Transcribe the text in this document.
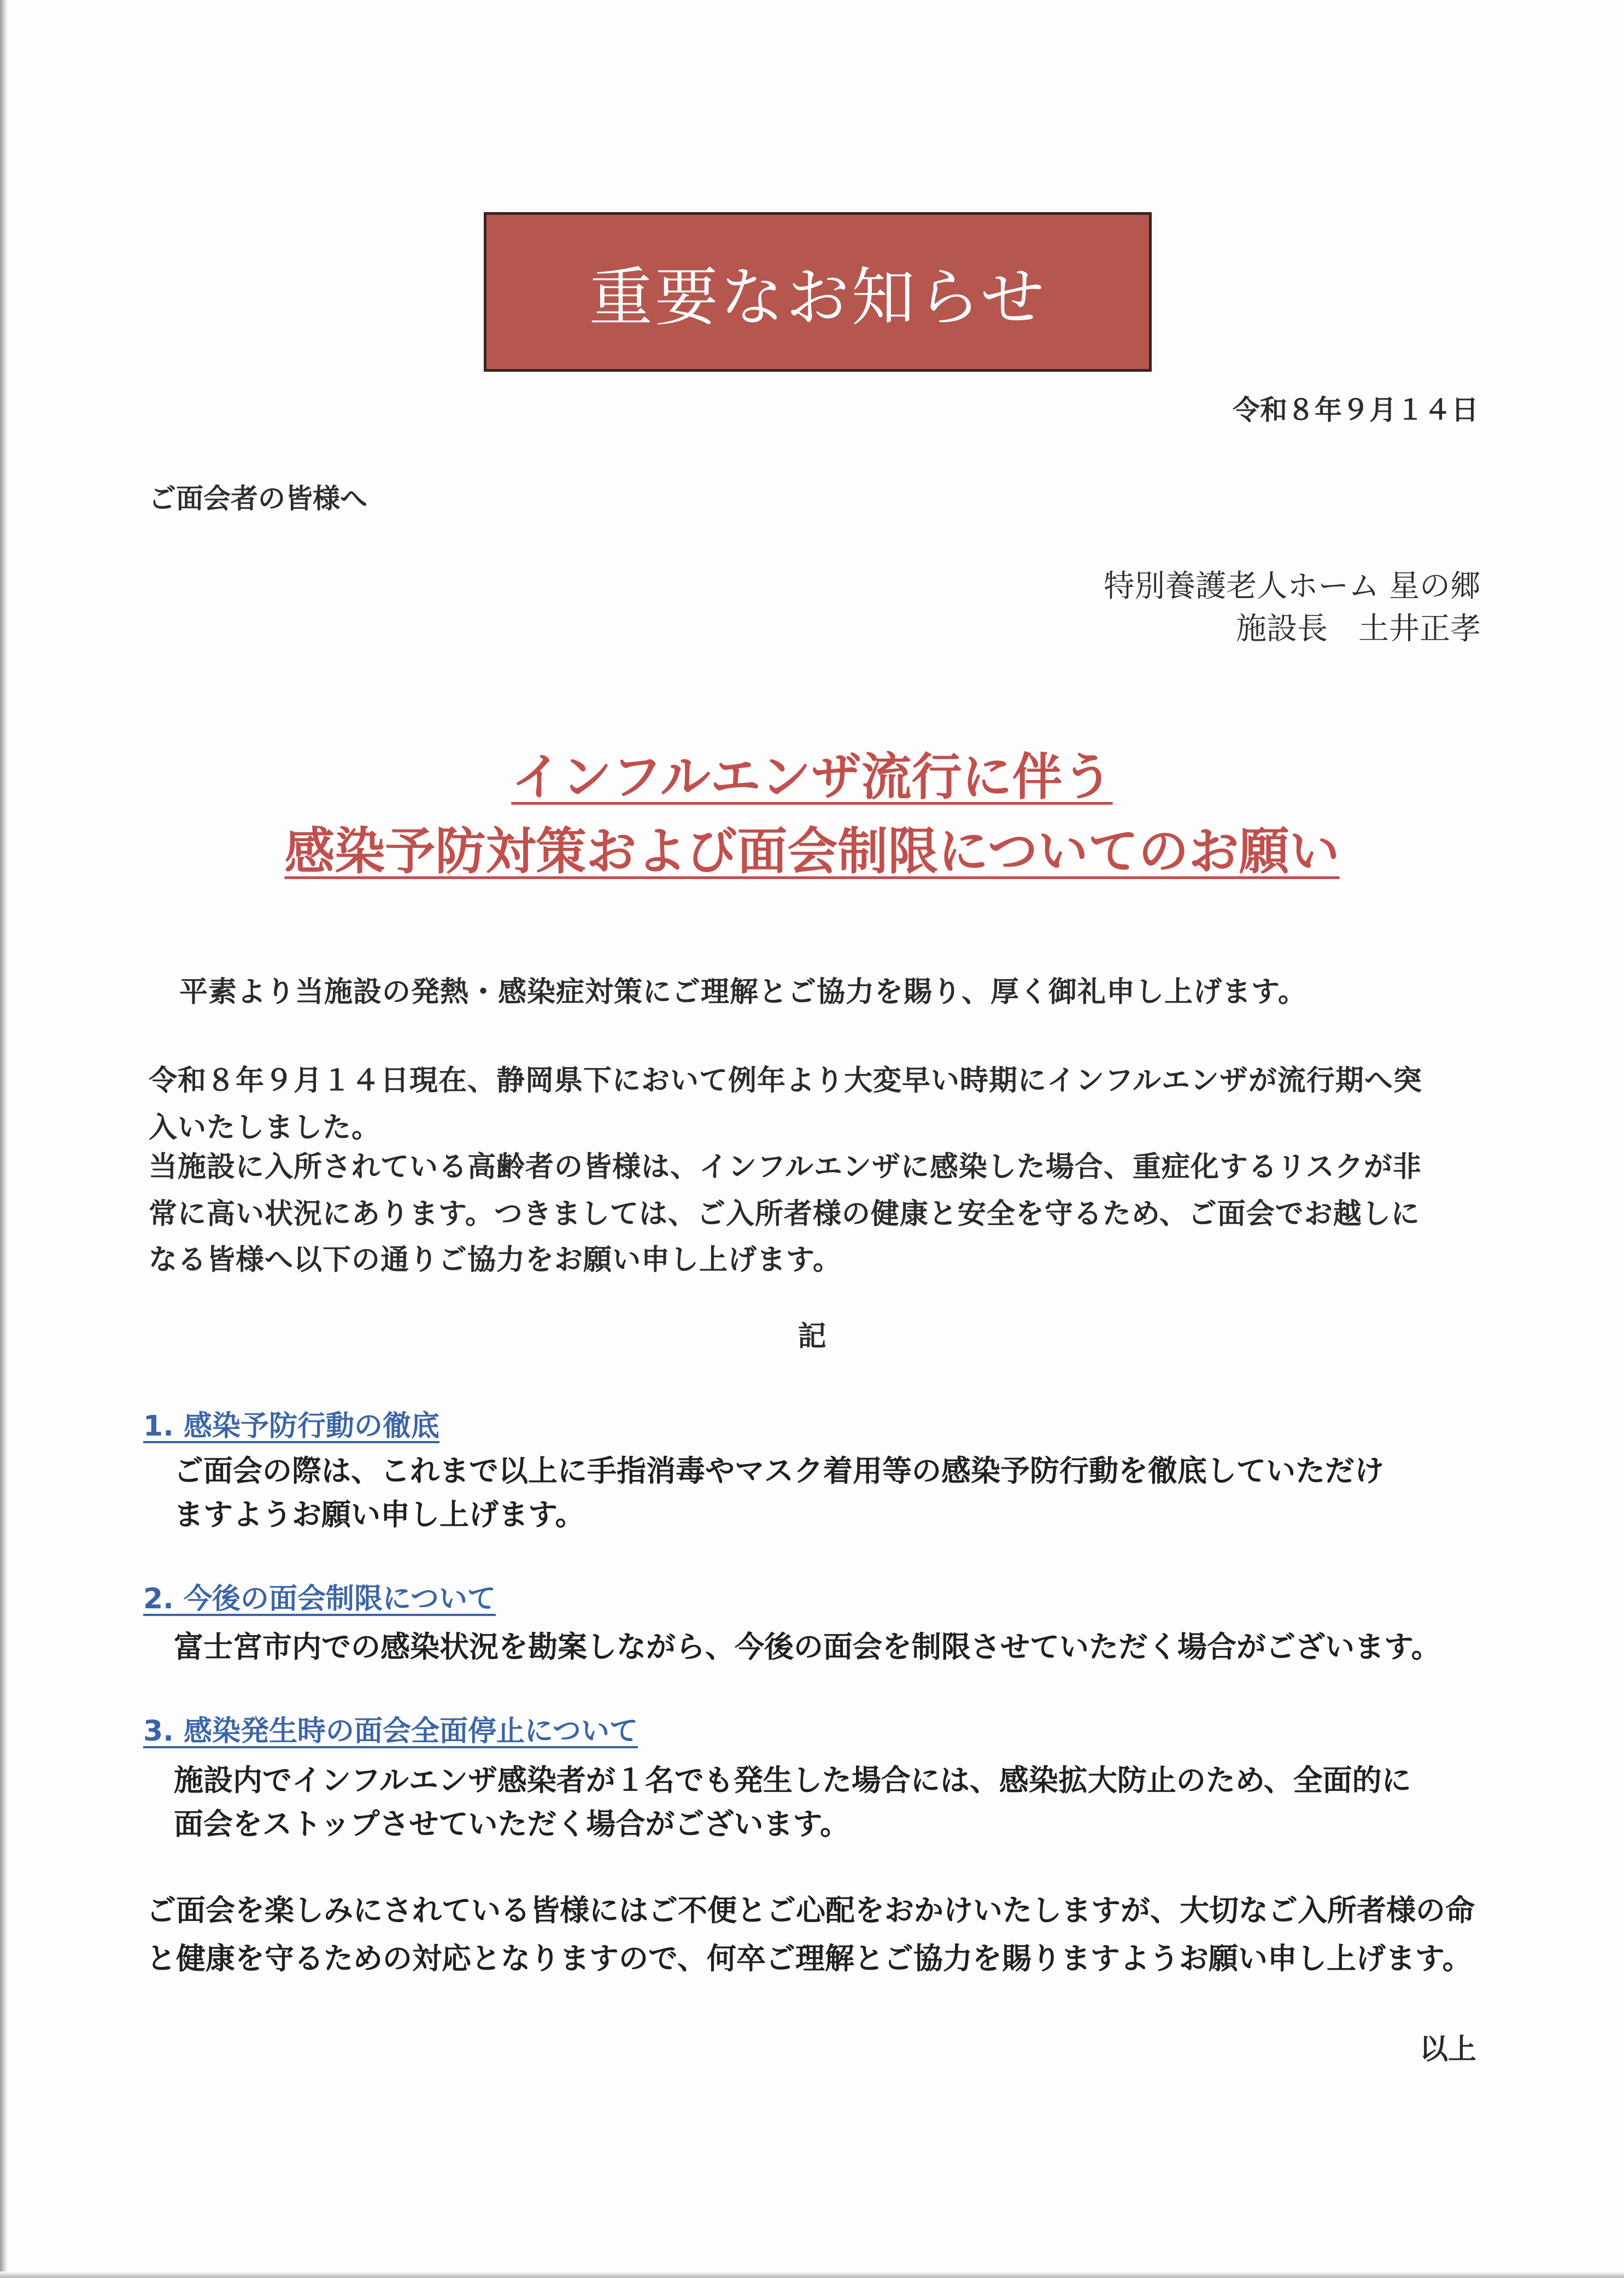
重要なお知らせ
令和８年９月１４日
ご面会者の皆様へ
特別養護老人ホーム 星の郷
施設長　土井正孝
インフルエンザ流行に伴う
感染予防対策および面会制限についてのお願い
平素より当施設の発熱・感染症対策にご理解とご協力を賜り、厚く御礼申し上げます。
令和８年９月１４日現在、静岡県下において例年より大変早い時期にインフルエンザが流行期へ突
入いたしました。
当施設に入所されている高齢者の皆様は、インフルエンザに感染した場合、重症化するリスクが非
常に高い状況にあります。つきましては、ご入所者様の健康と安全を守るため、ご面会でお越しに
なる皆様へ以下の通りご協力をお願い申し上げます。
記
1. 感染予防行動の徹底
ご面会の際は、これまで以上に手指消毒やマスク着用等の感染予防行動を徹底していただけ
ますようお願い申し上げます。
2. 今後の面会制限について
富士宮市内での感染状況を勘案しながら、今後の面会を制限させていただく場合がございます。
3. 感染発生時の面会全面停止について
施設内でインフルエンザ感染者が１名でも発生した場合には、感染拡大防止のため、全面的に
面会をストップさせていただく場合がございます。
ご面会を楽しみにされている皆様にはご不便とご心配をおかけいたしますが、大切なご入所者様の命
と健康を守るための対応となりますので、何卒ご理解とご協力を賜りますようお願い申し上げます。
以上
